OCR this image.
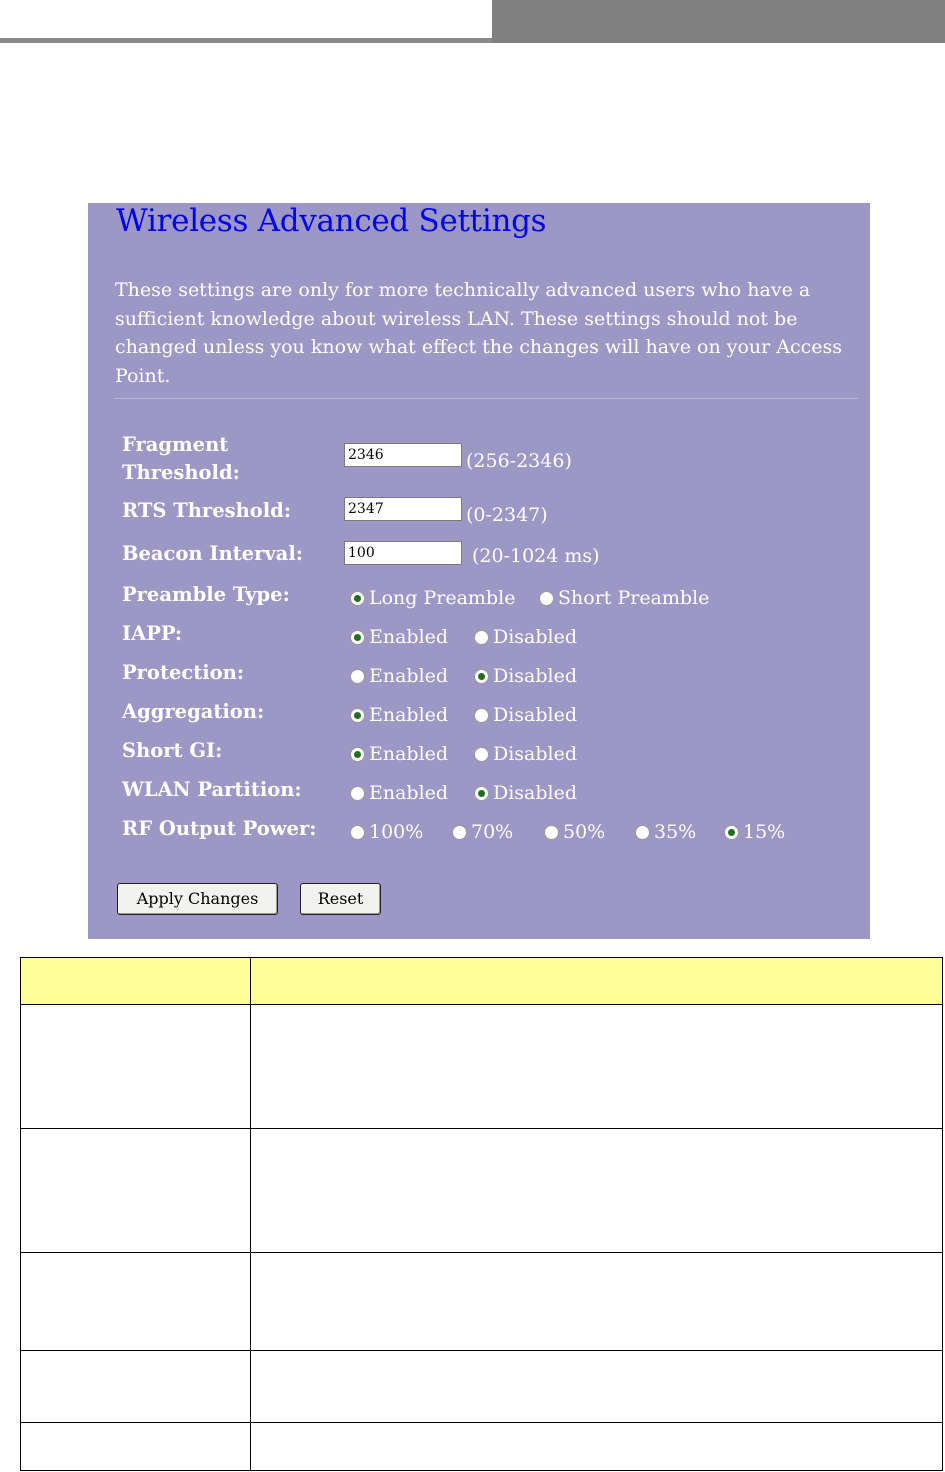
Wireless Advanced Settings
These settings are only for more technically advanced users who have a sufficient knowledge about wireless LAN. These settings should not be changed unless you know what effect the changes will have on your Access Point.
Fragment Threshold:
2346	(256-2346)
RTS Threshold:
2347	(0-2347)
Beacon Interval:
100	(20-1024 ms)
Preamble Type:	Long Preamble Short Preamble
IAPP:	Enabled Disabled
Protection:	Enabled Disabled
Aggregation:	Enabled Disabled
Short GI:	Enabled Disabled
WLAN Partition:	Enabled Disabled
RF Output Power:	100%	70%	50%	35% 15%
Apply Changes	Reset
